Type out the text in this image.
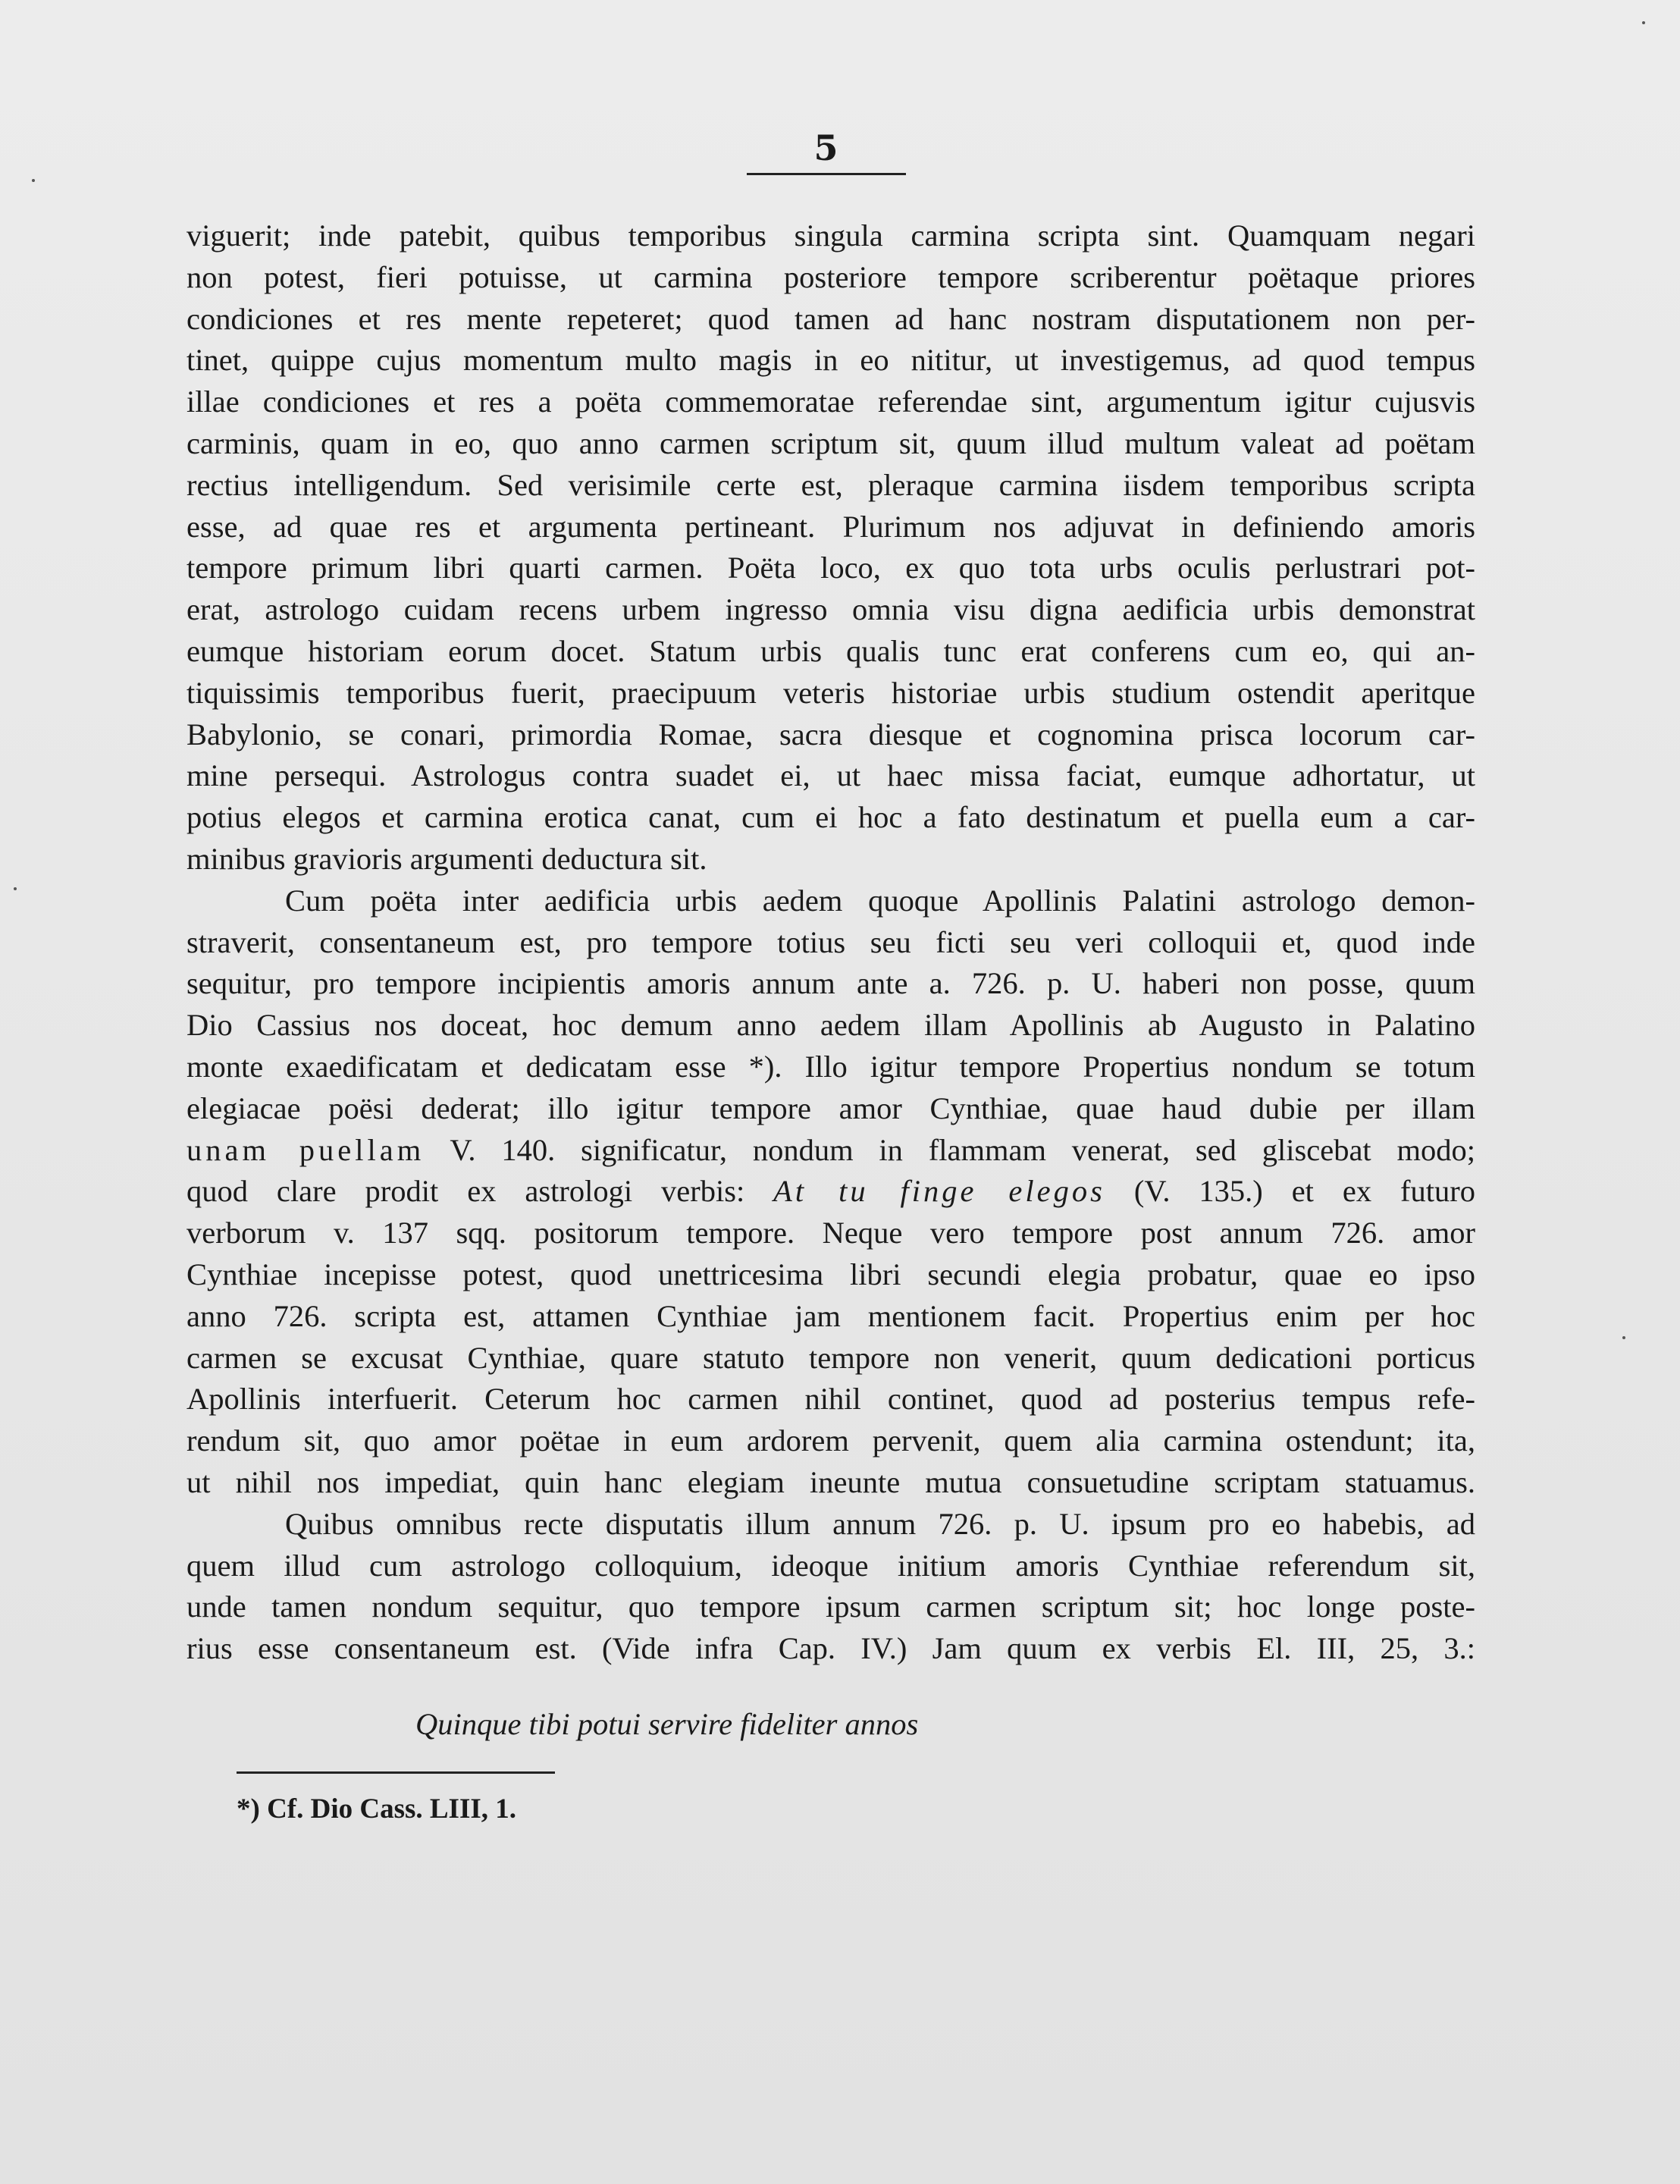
5
viguerit; inde patebit, quibus temporibus singula carmina scripta sint. Quamquam negari
non potest, fieri potuisse, ut carmina posteriore tempore scriberentur poëtaque priores
condiciones et res mente repeteret; quod tamen ad hanc nostram disputationem non per-
tinet, quippe cujus momentum multo magis in eo nititur, ut investigemus, ad quod tempus
illae condiciones et res a poëta commemoratae referendae sint, argumentum igitur cujusvis
carminis, quam in eo, quo anno carmen scriptum sit, quum illud multum valeat ad poëtam
rectius intelligendum. Sed verisimile certe est, pleraque carmina iisdem temporibus scripta
esse, ad quae res et argumenta pertineant. Plurimum nos adjuvat in definiendo amoris
tempore primum libri quarti carmen. Poëta loco, ex quo tota urbs oculis perlustrari pot-
erat, astrologo cuidam recens urbem ingresso omnia visu digna aedificia urbis demonstrat
eumque historiam eorum docet. Statum urbis qualis tunc erat conferens cum eo, qui an-
tiquissimis temporibus fuerit, praecipuum veteris historiae urbis studium ostendit aperitque
Babylonio, se conari, primordia Romae, sacra diesque et cognomina prisca locorum car-
mine persequi. Astrologus contra suadet ei, ut haec missa faciat, eumque adhortatur, ut
potius elegos et carmina erotica canat, cum ei hoc a fato destinatum et puella eum a car-
minibus gravioris argumenti deductura sit.
Cum poëta inter aedificia urbis aedem quoque Apollinis Palatini astrologo demon-
straverit, consentaneum est, pro tempore totius seu ficti seu veri colloquii et, quod inde
sequitur, pro tempore incipientis amoris annum ante a. 726. p. U. haberi non posse, quum
Dio Cassius nos doceat, hoc demum anno aedem illam Apollinis ab Augusto in Palatino
monte exaedificatam et dedicatam esse *). Illo igitur tempore Propertius nondum se totum
elegiacae poësi dederat; illo igitur tempore amor Cynthiae, quae haud dubie per illam
unam puellam V. 140. significatur, nondum in flammam venerat, sed gliscebat modo;
quod clare prodit ex astrologi verbis: At tu finge elegos (V. 135.) et ex futuro
verborum v. 137 sqq. positorum tempore. Neque vero tempore post annum 726. amor
Cynthiae incepisse potest, quod unettricesima libri secundi elegia probatur, quae eo ipso
anno 726. scripta est, attamen Cynthiae jam mentionem facit. Propertius enim per hoc
carmen se excusat Cynthiae, quare statuto tempore non venerit, quum dedicationi porticus
Apollinis interfuerit. Ceterum hoc carmen nihil continet, quod ad posterius tempus refe-
rendum sit, quo amor poëtae in eum ardorem pervenit, quem alia carmina ostendunt; ita,
ut nihil nos impediat, quin hanc elegiam ineunte mutua consuetudine scriptam statuamus.
Quibus omnibus recte disputatis illum annum 726. p. U. ipsum pro eo habebis, ad
quem illud cum astrologo colloquium, ideoque initium amoris Cynthiae referendum sit,
unde tamen nondum sequitur, quo tempore ipsum carmen scriptum sit; hoc longe poste-
rius esse consentaneum est. (Vide infra Cap. IV.) Jam quum ex verbis El. III, 25, 3.:
Quinque tibi potui servire fideliter annos
*) Cf. Dio Cass. LIII, 1.
